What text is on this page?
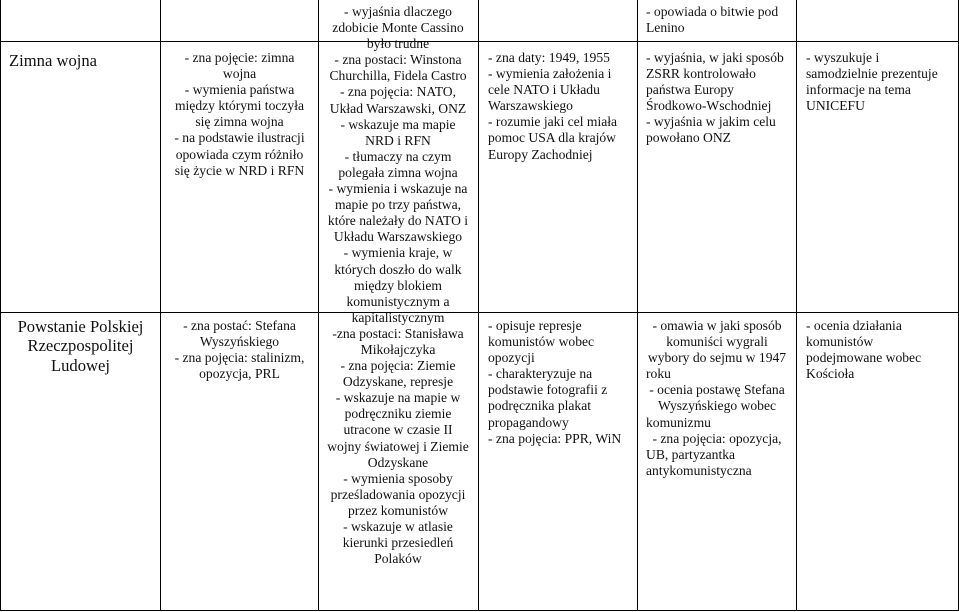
- opowiada o bitwie pod
Lenino
- wyjaśnia dlaczego
zdobicie Monte Cassino
było trudne
- zna postaci: Winstona
Churchilla, Fidela Castro
- zna pojęcia: NATO,
Układ Warszawski, ONZ
- wskazuje ma mapie
NRD i RFN
- tłumaczy na czym
polegała zimna wojna
- wymienia i wskazuje na
mapie po trzy państwa,
które należały do NATO i
Układu Warszawskiego
- wymienia kraje, w
których doszło do walk
między blokiem
komunistycznym a
kapitalistycznym
-zna postaci: Stanisława
Mikołajczyka
- zna pojęcia: Ziemie
Odzyskane, represje
- wskazuje na mapie w
podręczniku ziemie
utracone w czasie II
wojny światowej i Ziemie
Odzyskane
- wymienia sposoby
prześladowania opozycji
przez komunistów
- wskazuje w atlasie
kierunki przesiedleń
Polaków
Zimna wojna	- zna pojęcie: zimna
wojna
- wymienia państwa
między którymi toczyła
się zimna wojna
- na podstawie ilustracji
opowiada czym różniło
się życie w NRD i RFN
- zna daty: 1949, 1955
- wymienia założenia i
cele NATO i Układu
Warszawskiego
- rozumie jaki cel miała
pomoc USA dla krajów
Europy Zachodniej
- wyjaśnia, w jaki sposób
ZSRR kontrolowało
państwa Europy
Środkowo-Wschodniej
- wyjaśnia w jakim celu
powołano ONZ
- wyszukuje i
samodzielnie prezentuje
informacje na tema
UNICEFU
Powstanie Polskiej
Rzeczpospolitej
Ludowej
- zna postać: Stefana
Wyszyńskiego
- zna pojęcia: stalinizm,
opozycja, PRL
- opisuje represje
komunistów wobec
opozycji
- charakteryzuje na
podstawie fotografii z
podręcznika plakat
propagandowy
- zna pojęcia: PPR, WiN
- omawia w jaki sposób
komuniści wygrali
wybory do sejmu w 1947
roku
- ocenia postawę Stefana
Wyszyńskiego wobec
komunizmu
- zna pojęcia: opozycja,
UB, partyzantka
antykomunistyczna
- ocenia działania
komunistów
podejmowane wobec
Kościoła
